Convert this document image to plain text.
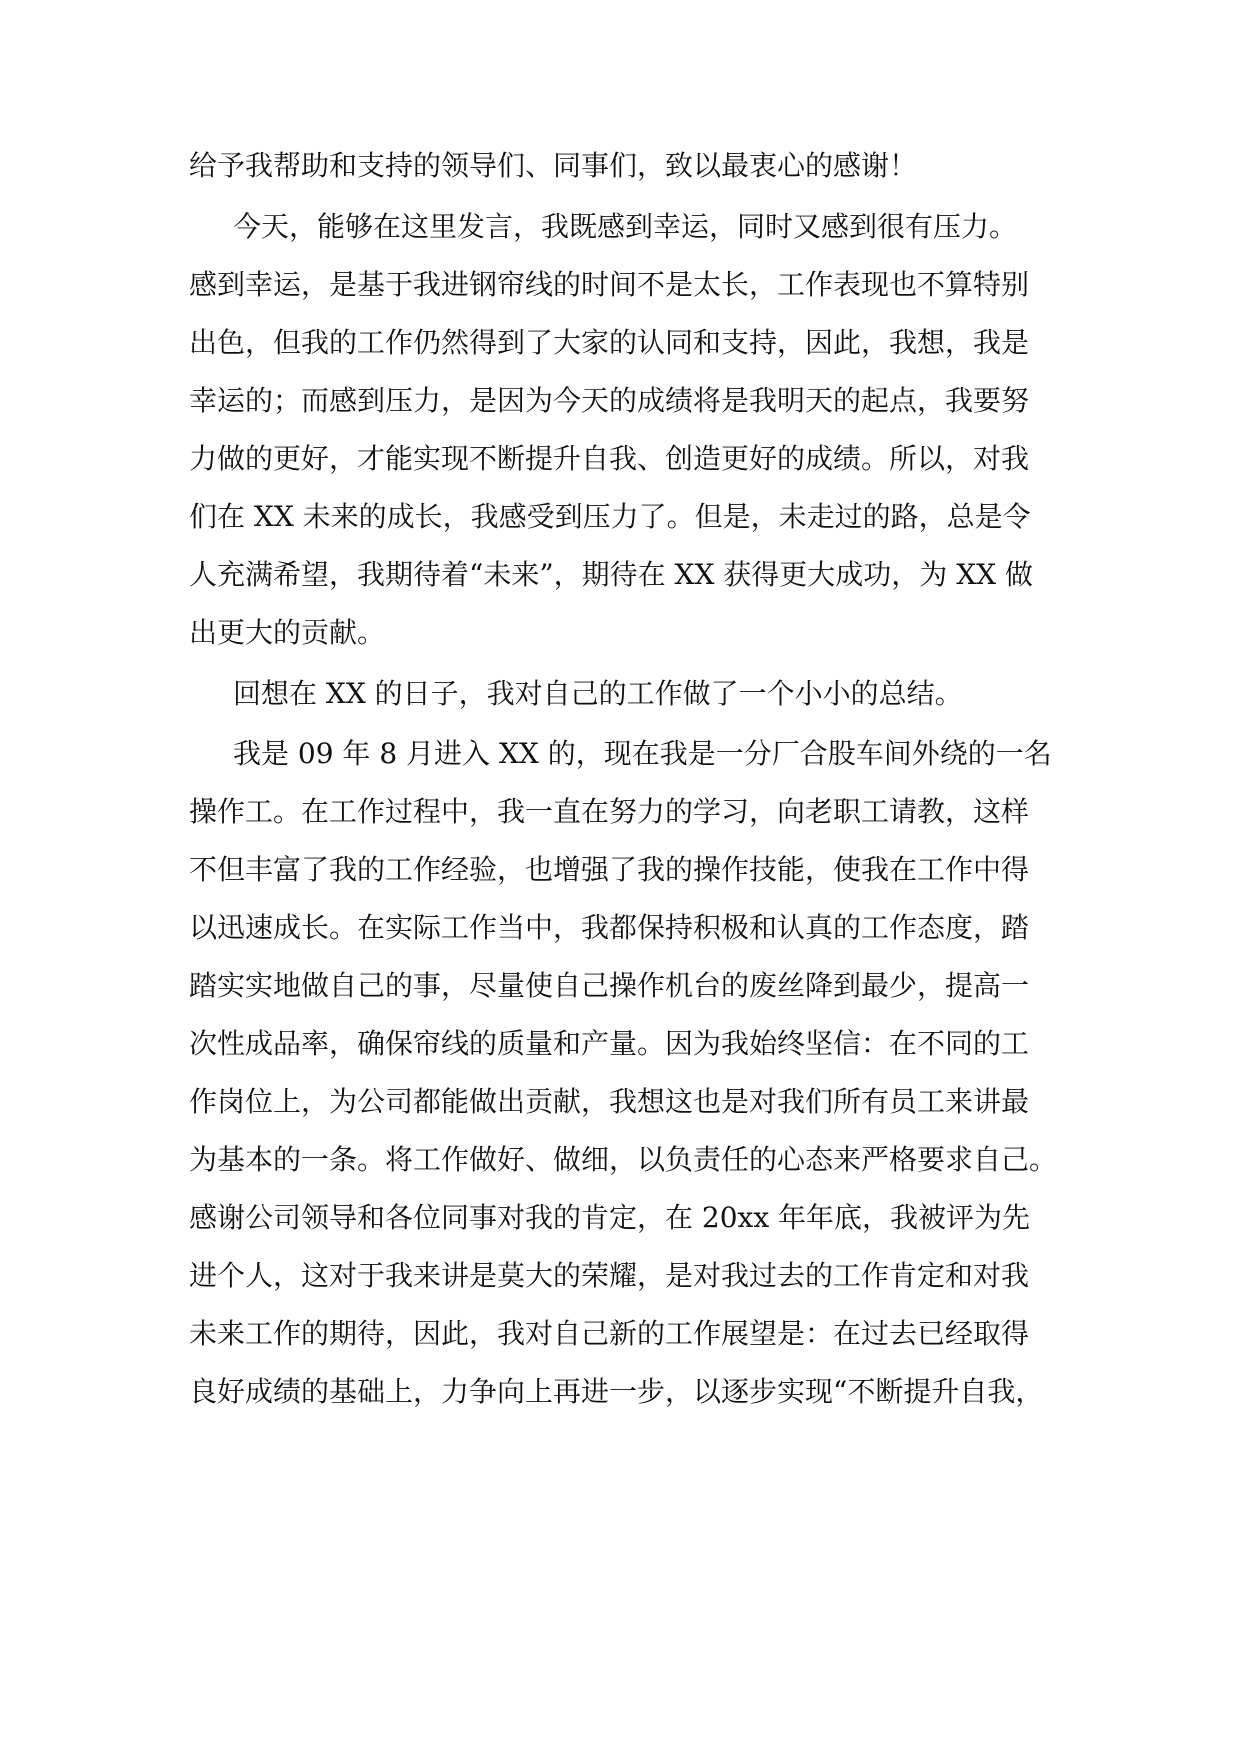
给予我帮助和支持的领导们、同事们，致以最衷心的感谢！
今天，能够在这里发言，我既感到幸运，同时又感到很有压力。
感到幸运，是基于我进钢帘线的时间不是太长，工作表现也不算特别
出色，但我的工作仍然得到了大家的认同和支持，因此，我想，我是
幸运的；而感到压力，是因为今天的成绩将是我明天的起点，我要努
力做的更好，才能实现不断提升自我、创造更好的成绩。所以，对我
们在 XX 未来的成长，我感受到压力了。但是，未走过的路，总是令
人充满希望，我期待着“未来”，期待在 XX 获得更大成功，为 XX 做
出更大的贡献。
回想在 XX 的日子，我对自己的工作做了一个小小的总结。
我是 09 年 8 月进入 XX 的，现在我是一分厂合股车间外绕的一名
操作工。在工作过程中，我一直在努力的学习，向老职工请教，这样
不但丰富了我的工作经验，也增强了我的操作技能，使我在工作中得
以迅速成长。在实际工作当中，我都保持积极和认真的工作态度，踏
踏实实地做自己的事，尽量使自己操作机台的废丝降到最少，提高一
次性成品率，确保帘线的质量和产量。因为我始终坚信：在不同的工
作岗位上，为公司都能做出贡献，我想这也是对我们所有员工来讲最
为基本的一条。将工作做好、做细，以负责任的心态来严格要求自己。
感谢公司领导和各位同事对我的肯定，在 20xx 年年底，我被评为先
进个人，这对于我来讲是莫大的荣耀，是对我过去的工作肯定和对我
未来工作的期待，因此，我对自己新的工作展望是：在过去已经取得
良好成绩的基础上，力争向上再进一步，以逐步实现“不断提升自我，
